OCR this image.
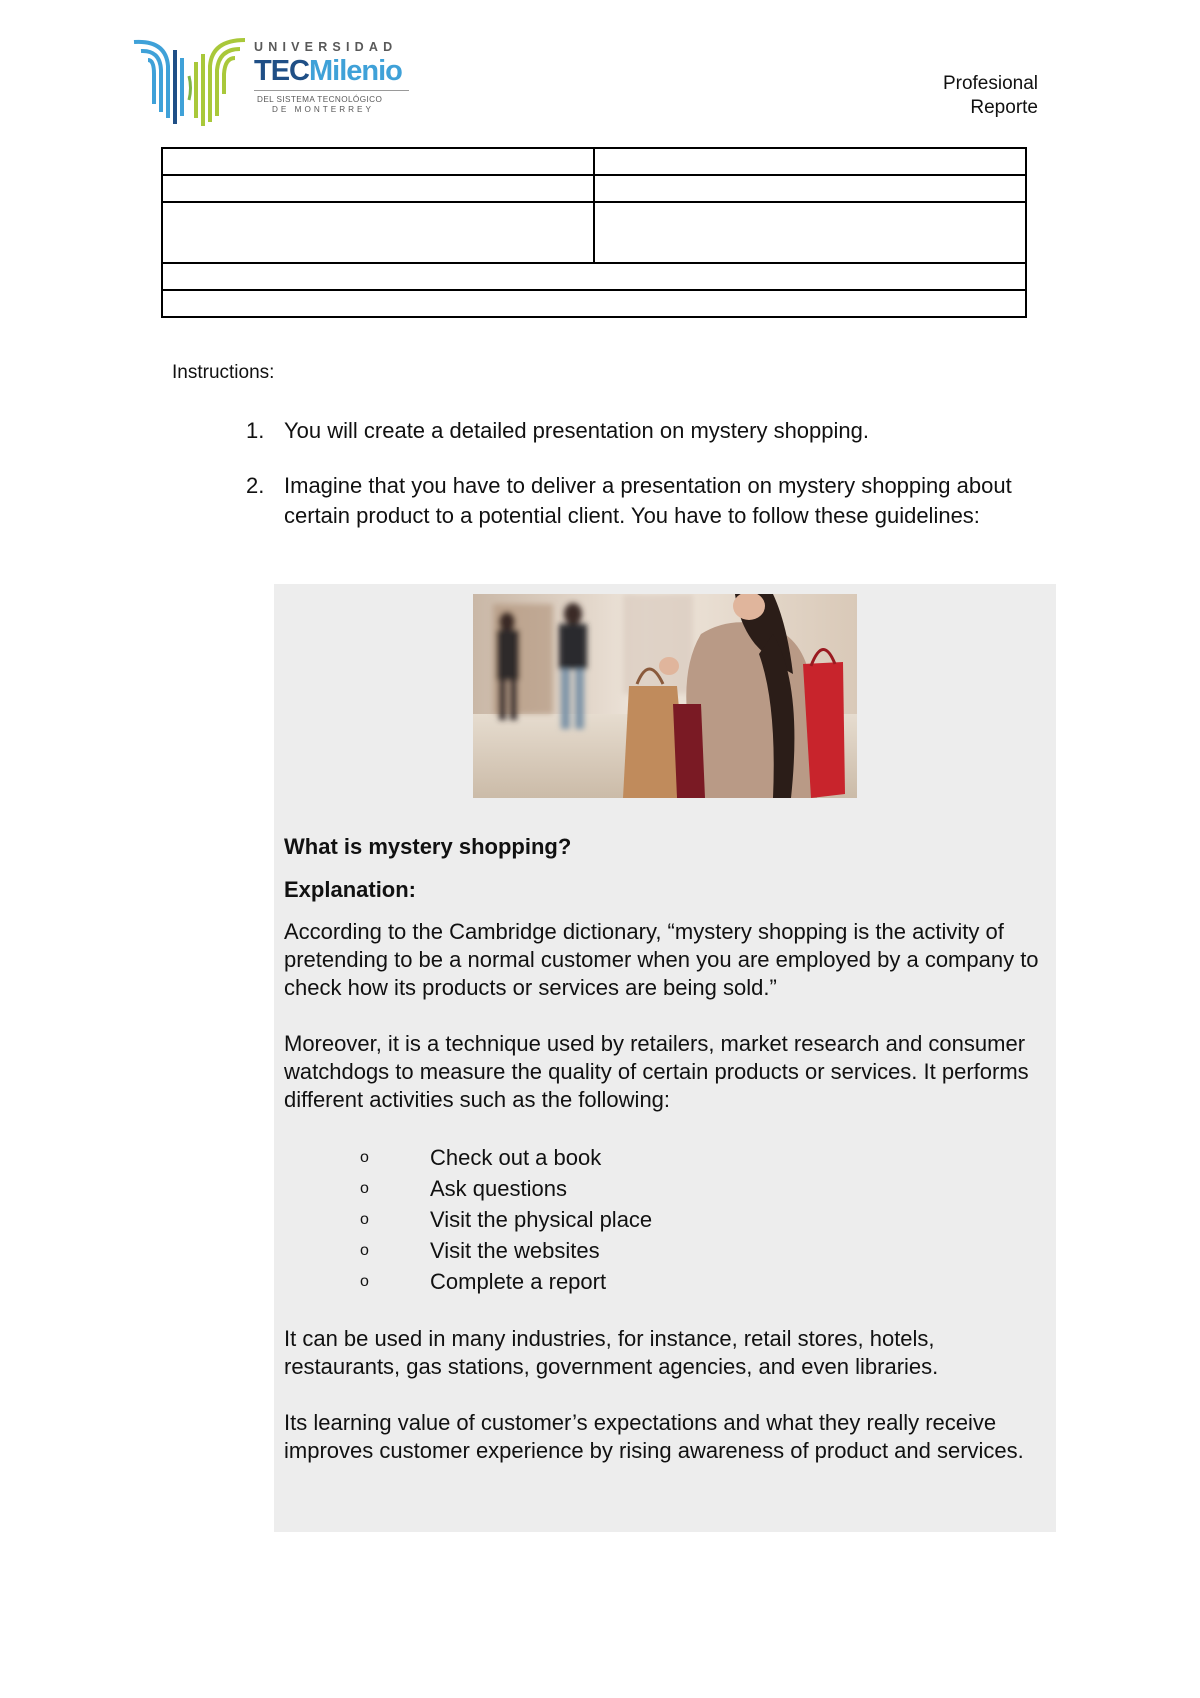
UNIVERSIDAD
TECMilenio
DEL SISTEMA TECNOLÓGICO
DE MONTERREY
Profesional
Reporte

Instructions:
1. You will create a detailed presentation on mystery shopping.
2. Imagine that you have to deliver a presentation on mystery shopping about certain product to a potential client. You have to follow these guidelines:

What is mystery shopping?

Explanation:

According to the Cambridge dictionary, “mystery shopping is the activity of pretending to be a normal customer when you are employed by a company to check how its products or services are being sold.”

Moreover, it is a technique used by retailers, market research and consumer watchdogs to measure the quality of certain products or services. It performs different activities such as the following:

o	Check out a book
o	Ask questions
o	Visit the physical place
o	Visit the websites
o	Complete a report

It can be used in many industries, for instance, retail stores, hotels, restaurants, gas stations, government agencies, and even libraries.

Its learning value of customer’s expectations and what they really receive improves customer experience by rising awareness of product and services.
